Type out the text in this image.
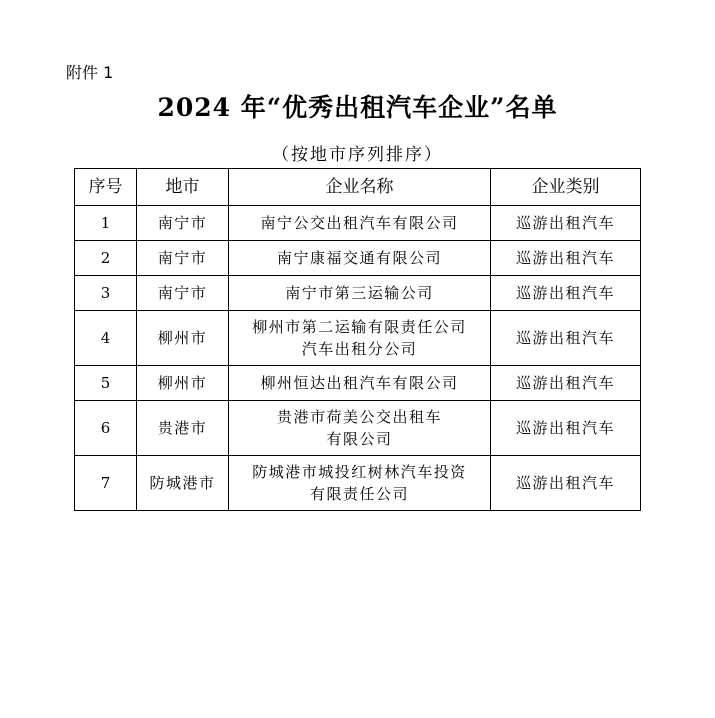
附件 1
2024 年“优秀出租汽车企业”名单
（按地市序列排序）
序号	地市	企业名称	企业类别
1	南宁市	南宁公交出租汽车有限公司	巡游出租汽车
2	南宁市	南宁康福交通有限公司	巡游出租汽车
3	南宁市	南宁市第三运输公司	巡游出租汽车
4	柳州市	柳州市第二运输有限责任公司
汽车出租分公司	巡游出租汽车
5	柳州市	柳州恒达出租汽车有限公司	巡游出租汽车
6	贵港市	贵港市荷美公交出租车
有限公司	巡游出租汽车
7	防城港市	防城港市城投红树林汽车投资
有限责任公司	巡游出租汽车
